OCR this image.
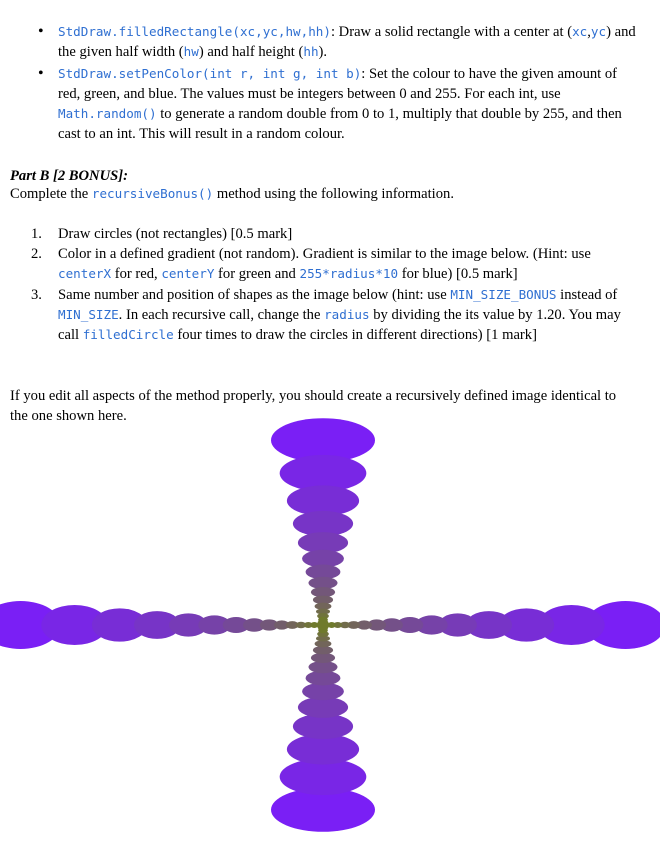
•	StdDraw.filledRectangle(xc,yc,hw,hh): Draw a solid rectangle with a center at (xc,yc) and the given half width (hw) and half height (hh).
•	StdDraw.setPenColor(int r, int g, int b): Set the colour to have the given amount of red, green, and blue. The values must be integers between 0 and 255. For each int, use Math.random() to generate a random double from 0 to 1, multiply that double by 255, and then cast to an int. This will result in a random colour.
Part B [2 BONUS]:
Complete the recursiveBonus() method using the following information.
1. Draw circles (not rectangles) [0.5 mark]
2. Color in a defined gradient (not random). Gradient is similar to the image below. (Hint: use centerX for red, centerY for green and 255*radius*10 for blue) [0.5 mark]
3. Same number and position of shapes as the image below (hint: use MIN_SIZE_BONUS instead of MIN_SIZE. In each recursive call, change the radius by dividing the its value by 1.20. You may call filledCircle four times to draw the circles in different directions) [1 mark]
If you edit all aspects of the method properly, you should create a recursively defined image identical to the one shown here.
